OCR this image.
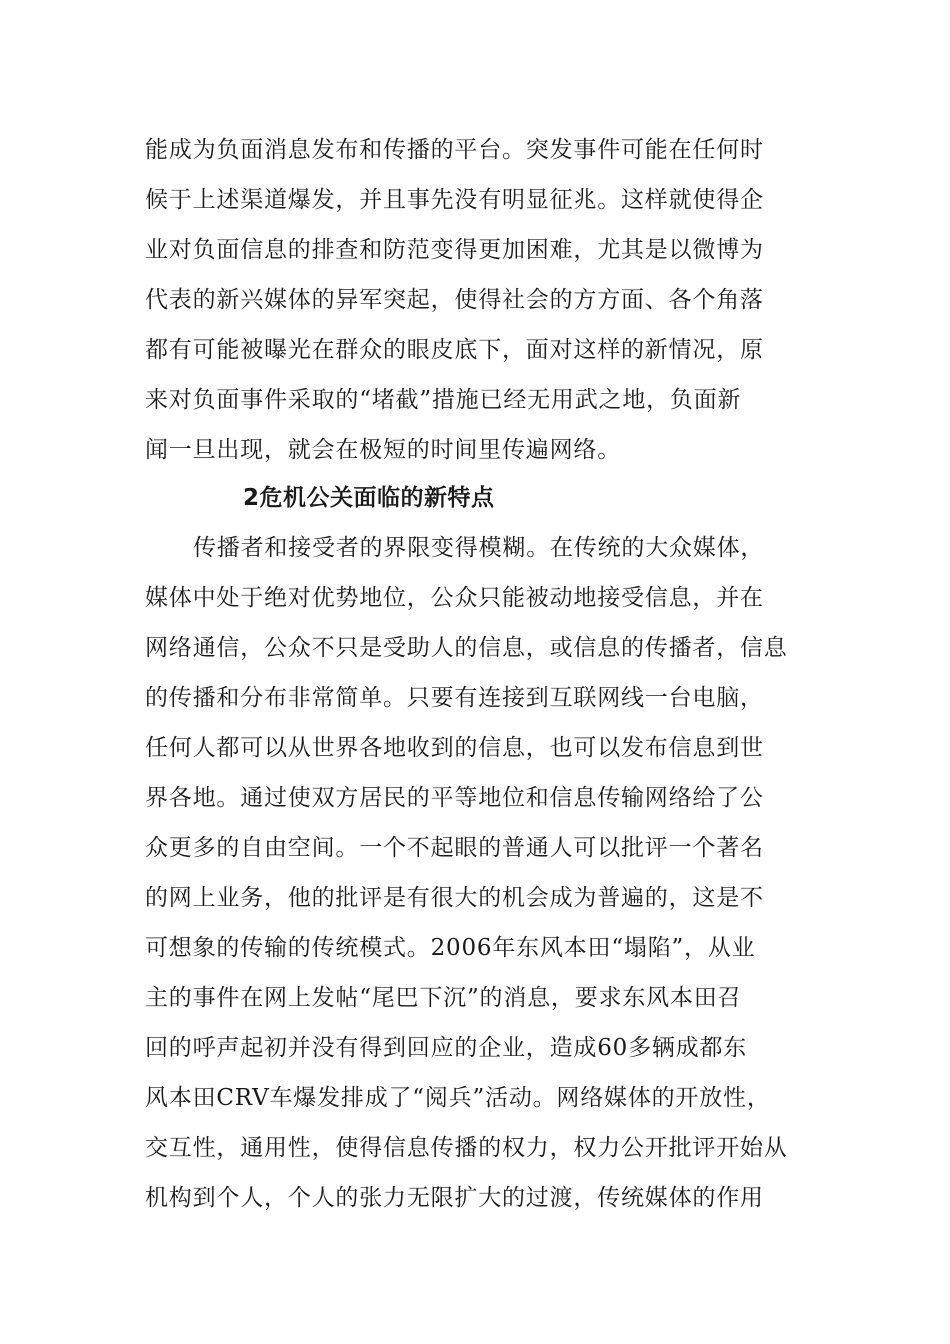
能成为负面消息发布和传播的平台。突发事件可能在任何时
候于上述渠道爆发，并且事先没有明显征兆。这样就使得企
业对负面信息的排查和防范变得更加困难，尤其是以微博为
代表的新兴媒体的异军突起，使得社会的方方面、各个角落
都有可能被曝光在群众的眼皮底下，面对这样的新情况，原
来对负面事件采取的“堵截”措施已经无用武之地，负面新
闻一旦出现，就会在极短的时间里传遍网络。
2危机公关面临的新特点
传播者和接受者的界限变得模糊。在传统的大众媒体，
媒体中处于绝对优势地位，公众只能被动地接受信息，并在
网络通信，公众不只是受助人的信息，或信息的传播者，信息
的传播和分布非常简单。只要有连接到互联网线一台电脑，
任何人都可以从世界各地收到的信息，也可以发布信息到世
界各地。通过使双方居民的平等地位和信息传输网络给了公
众更多的自由空间。一个不起眼的普通人可以批评一个著名
的网上业务，他的批评是有很大的机会成为普遍的，这是不
可想象的传输的传统模式。2006年东风本田“塌陷”，从业
主的事件在网上发帖“尾巴下沉”的消息，要求东风本田召
回的呼声起初并没有得到回应的企业，造成60多辆成都东
风本田CRV车爆发排成了“阅兵”活动。网络媒体的开放性，
交互性，通用性，使得信息传播的权力，权力公开批评开始从
机构到个人，个人的张力无限扩大的过渡，传统媒体的作用
